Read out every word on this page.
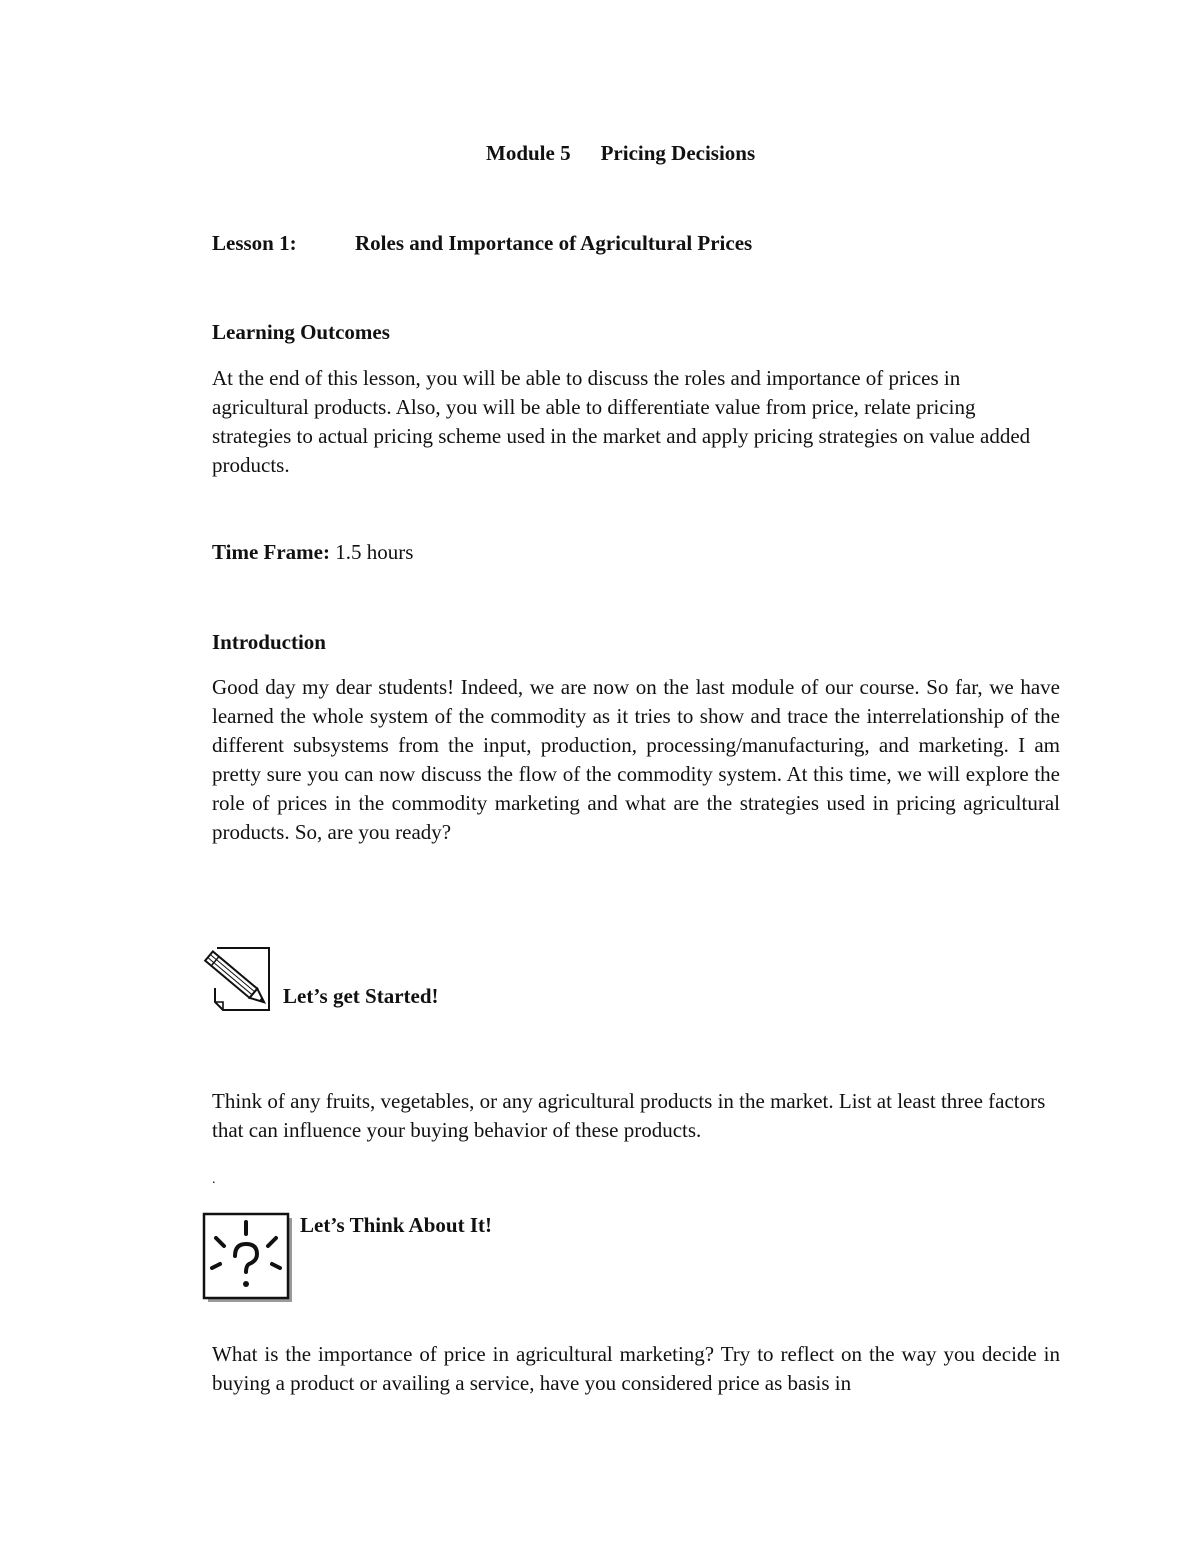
Module 5 Pricing Decisions
Lesson 1:	Roles and Importance of Agricultural Prices
Learning Outcomes
At the end of this lesson, you will be able to discuss the roles and importance of prices in agricultural products. Also, you will be able to differentiate value from price, relate pricing strategies to actual pricing scheme used in the market and apply pricing strategies on value added products.
Time Frame: 1.5 hours
Introduction
Good day my dear students! Indeed, we are now on the last module of our course. So far, we have learned the whole system of the commodity as it tries to show and trace the interrelationship of the different subsystems from the input, production, processing/manufacturing, and marketing. I am pretty sure you can now discuss the flow of the commodity system. At this time, we will explore the role of prices in the commodity marketing and what are the strategies used in pricing agricultural products. So, are you ready?
Let’s get Started!
Think of any fruits, vegetables, or any agricultural products in the market. List at least three factors that can influence your buying behavior of these products.
.
Let’s Think About It!
What is the importance of price in agricultural marketing? Try to reflect on the way you decide in buying a product or availing a service, have you considered price as basis in
